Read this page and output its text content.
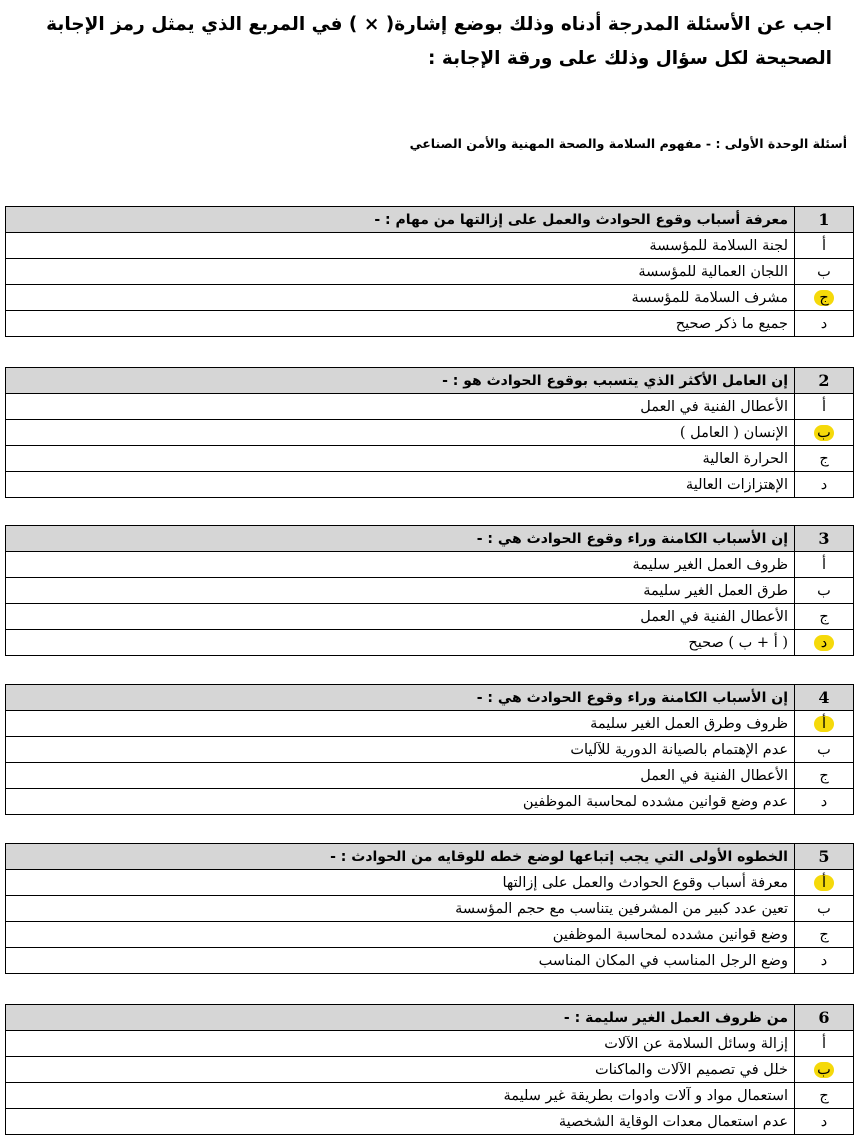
اجب عن الأسئلة المدرجة أدناه وذلك بوضع إشارة( × ) في المربع الذي يمثل رمز الإجابة
الصحيحة لكل سؤال وذلك على ورقة الإجابة :
أسئلة الوحدة الأولى : - مفهوم السلامة والصحة المهنية والأمن الصناعي
1	معرفة أسباب وقوع الحوادث والعمل على إزالتها من مهام : -
أ	لجنة السلامة للمؤسسة
ب	اللجان العمالية للمؤسسة
ج	مشرف السلامة للمؤسسة
د	جميع ما ذكر صحيح
2	إن العامل الأكثر الذي يتسبب بوقوع الحوادث هو : -
أ	الأعطال الفنية في العمل
ب	الإنسان ( العامل )
ج	الحرارة العالية
د	الإهتزازات العالية
3	إن الأسباب الكامنة وراء وقوع الحوادث هي : -
أ	ظروف العمل الغير سليمة
ب	طرق العمل الغير سليمة
ج	الأعطال الفنية في العمل
د	( أ + ب ) صحيح
4	إن الأسباب الكامنة وراء وقوع الحوادث هي : -
أ	ظروف وطرق العمل الغير سليمة
ب	عدم الإهتمام بالصيانة الدورية للآليات
ج	الأعطال الفنية في العمل
د	عدم وضع قوانين مشدده لمحاسبة الموظفين
5	الخطوه الأولى التي يجب إتباعها لوضع خطه للوقايه من الحوادث : -
أ	معرفة أسباب وقوع الحوادث والعمل على إزالتها
ب	تعين عدد كبير من المشرفين يتناسب مع حجم المؤسسة
ج	وضع قوانين مشدده لمحاسبة الموظفين
د	وضع الرجل المناسب في المكان المناسب
6	من ظروف العمل الغير سليمة : -
أ	إزالة وسائل السلامة عن الآلات
ب	خلل في تصميم الآلات والماكنات
ج	استعمال مواد و آلات وادوات بطريقة غير سليمة
د	عدم استعمال معدات الوقاية الشخصية
